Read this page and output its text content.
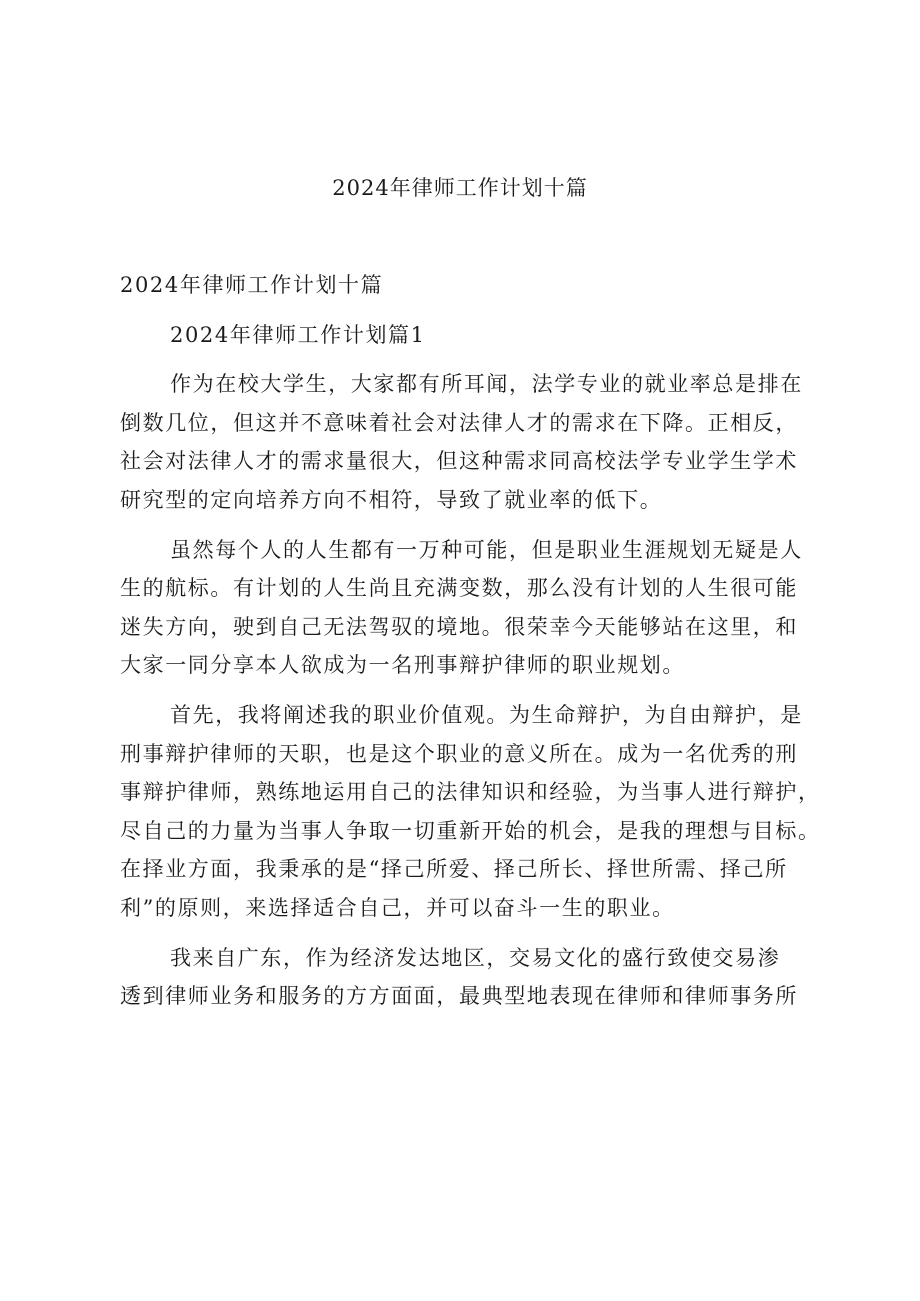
2024年律师工作计划十篇
2024年律师工作计划十篇
2024年律师工作计划篇1
作为在校大学生，大家都有所耳闻，法学专业的就业率总是排在
倒数几位，但这并不意味着社会对法律人才的需求在下降。正相反，
社会对法律人才的需求量很大，但这种需求同高校法学专业学生学术
研究型的定向培养方向不相符，导致了就业率的低下。
虽然每个人的人生都有一万种可能，但是职业生涯规划无疑是人
生的航标。有计划的人生尚且充满变数，那么没有计划的人生很可能
迷失方向，驶到自己无法驾驭的境地。很荣幸今天能够站在这里，和
大家一同分享本人欲成为一名刑事辩护律师的职业规划。
首先，我将阐述我的职业价值观。为生命辩护，为自由辩护，是
刑事辩护律师的天职，也是这个职业的意义所在。成为一名优秀的刑
事辩护律师，熟练地运用自己的法律知识和经验，为当事人进行辩护，
尽自己的力量为当事人争取一切重新开始的机会，是我的理想与目标。
在择业方面，我秉承的是“择己所爱、择己所长、择世所需、择己所
利”的原则，来选择适合自己，并可以奋斗一生的职业。
我来自广东，作为经济发达地区，交易文化的盛行致使交易渗
透到律师业务和服务的方方面面，最典型地表现在律师和律师事务所
